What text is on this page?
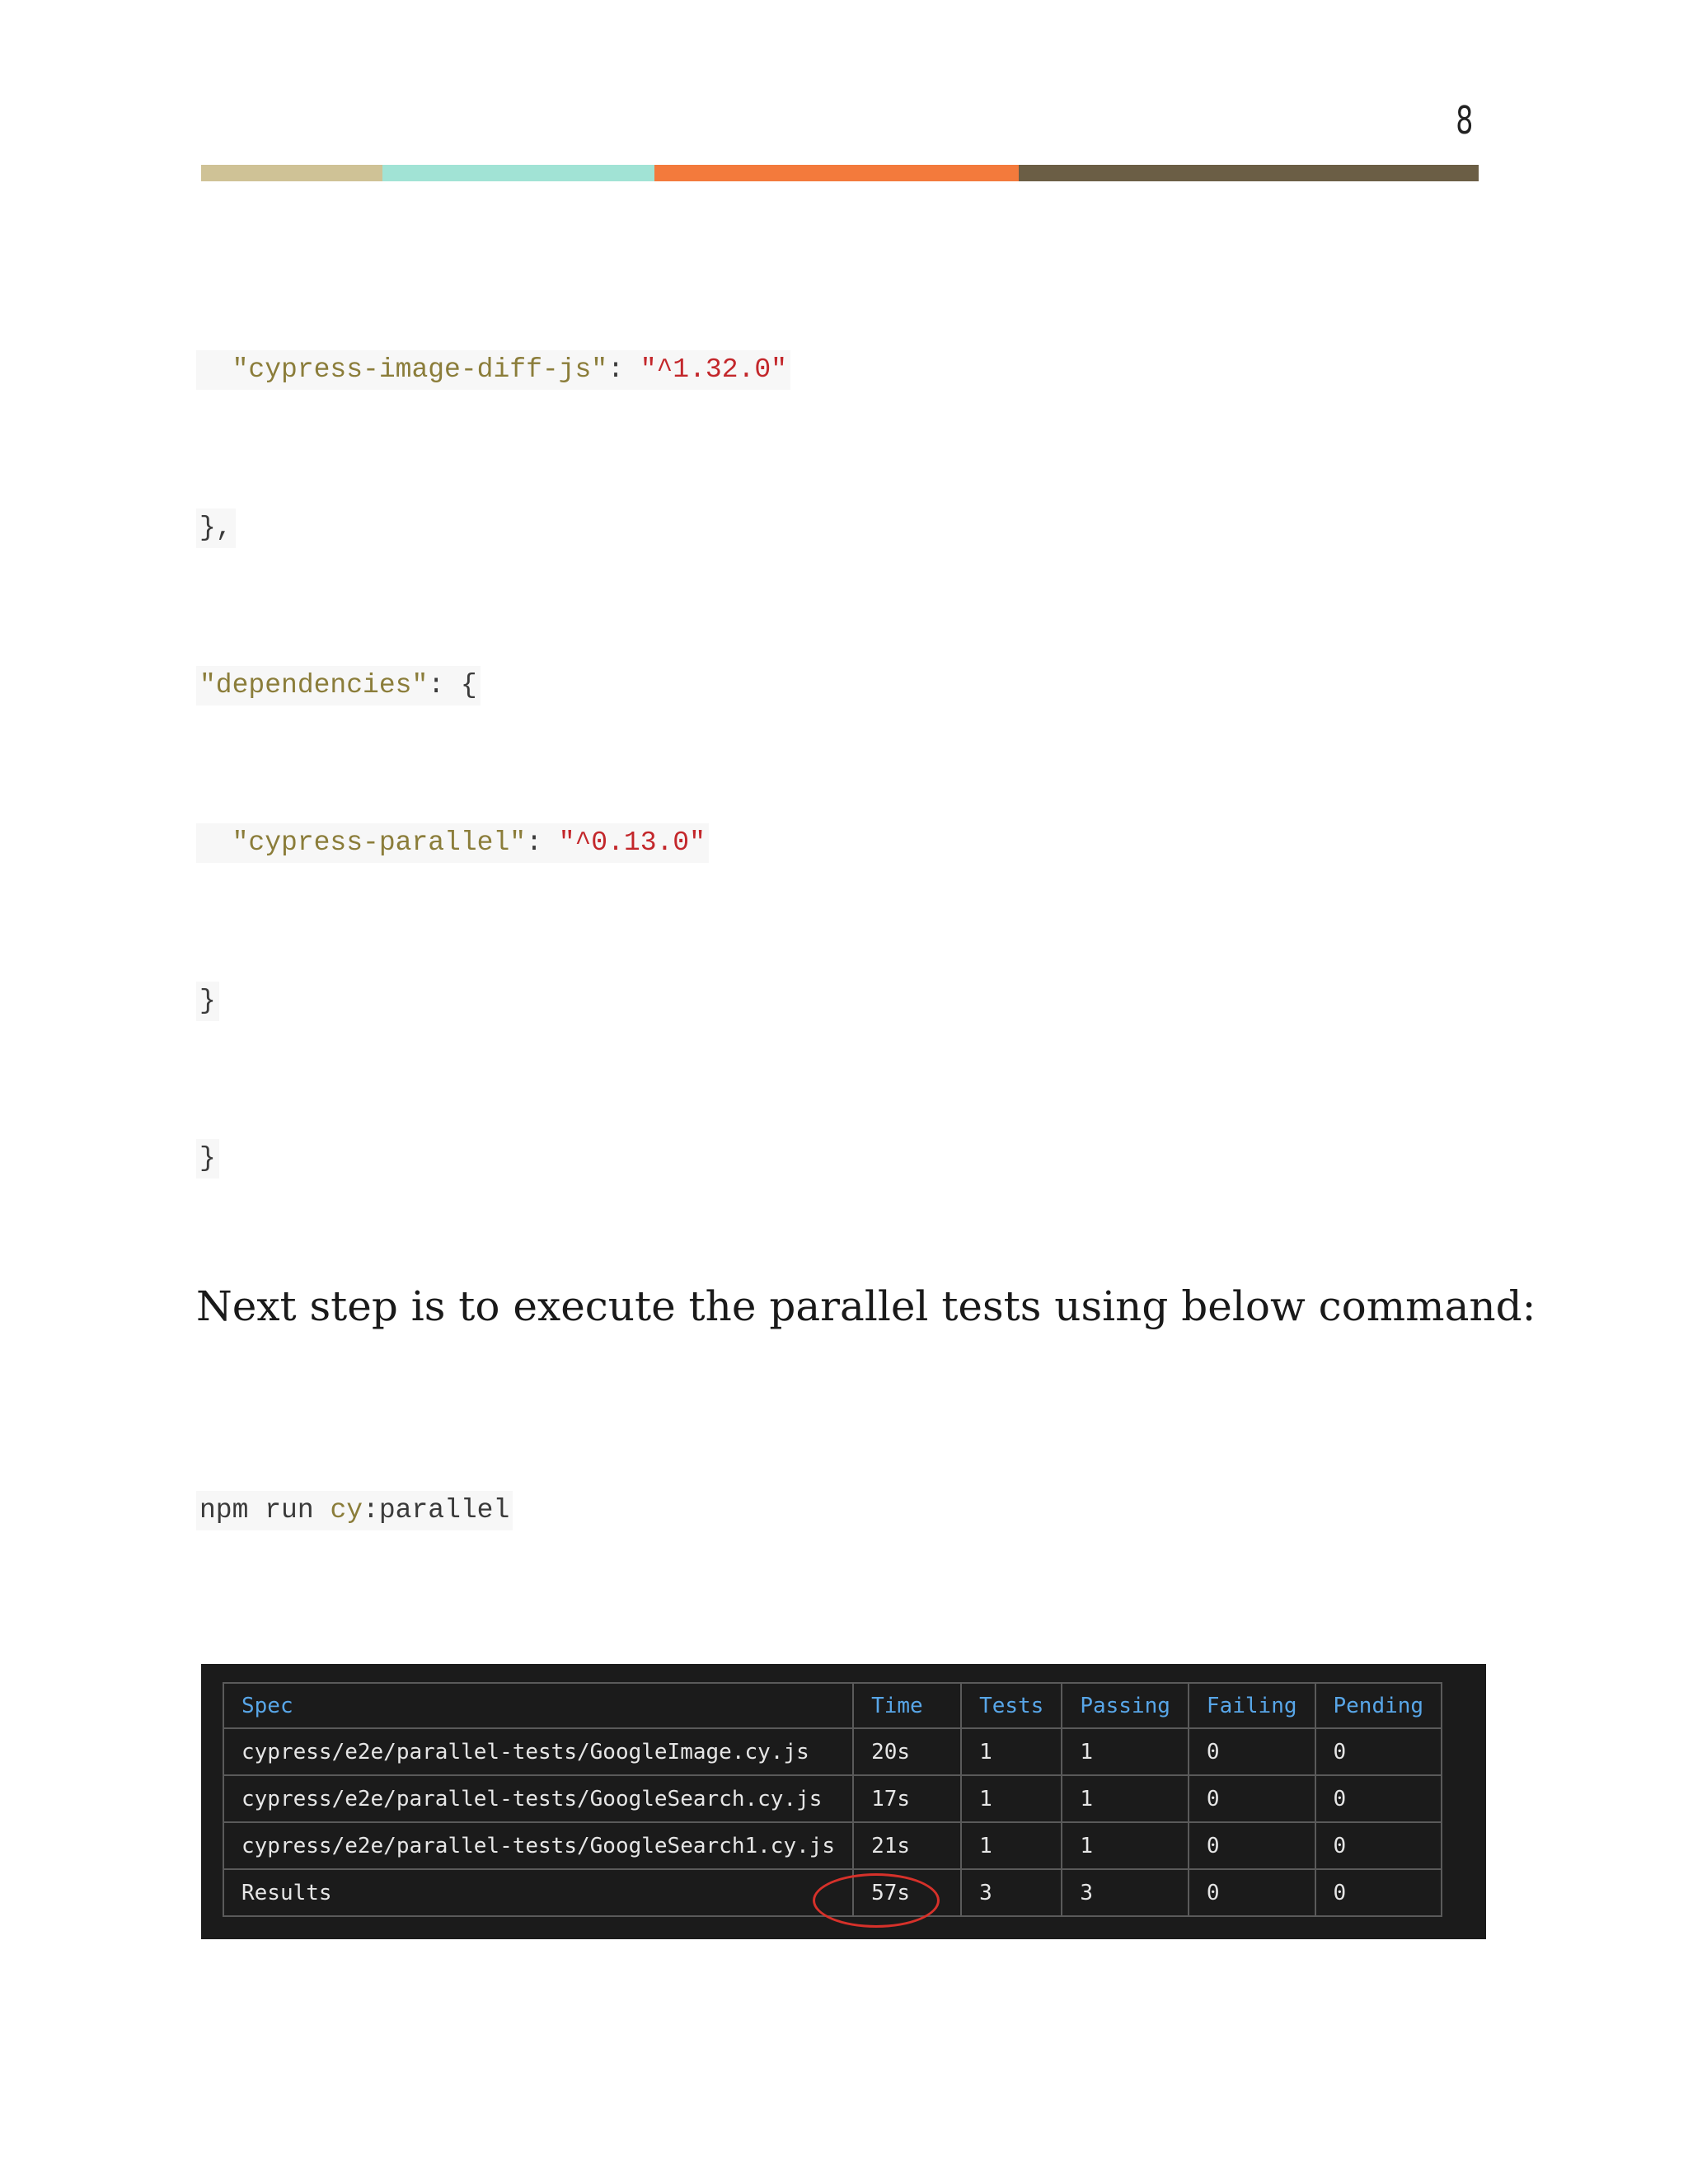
8
"cypress-image-diff-js": "^1.32.0"
},
"dependencies": {
"cypress-parallel": "^0.13.0"
}
}
Next step is to execute the parallel tests using below command:
npm run cy:parallel
Spec	Time	Tests	Passing	Failing	Pending
cypress/e2e/parallel-tests/GoogleImage.cy.js	20s	1	1	0	0
cypress/e2e/parallel-tests/GoogleSearch.cy.js	17s	1	1	0	0
cypress/e2e/parallel-tests/GoogleSearch1.cy.js	21s	1	1	0	0
Results	57s	3	3	0	0
